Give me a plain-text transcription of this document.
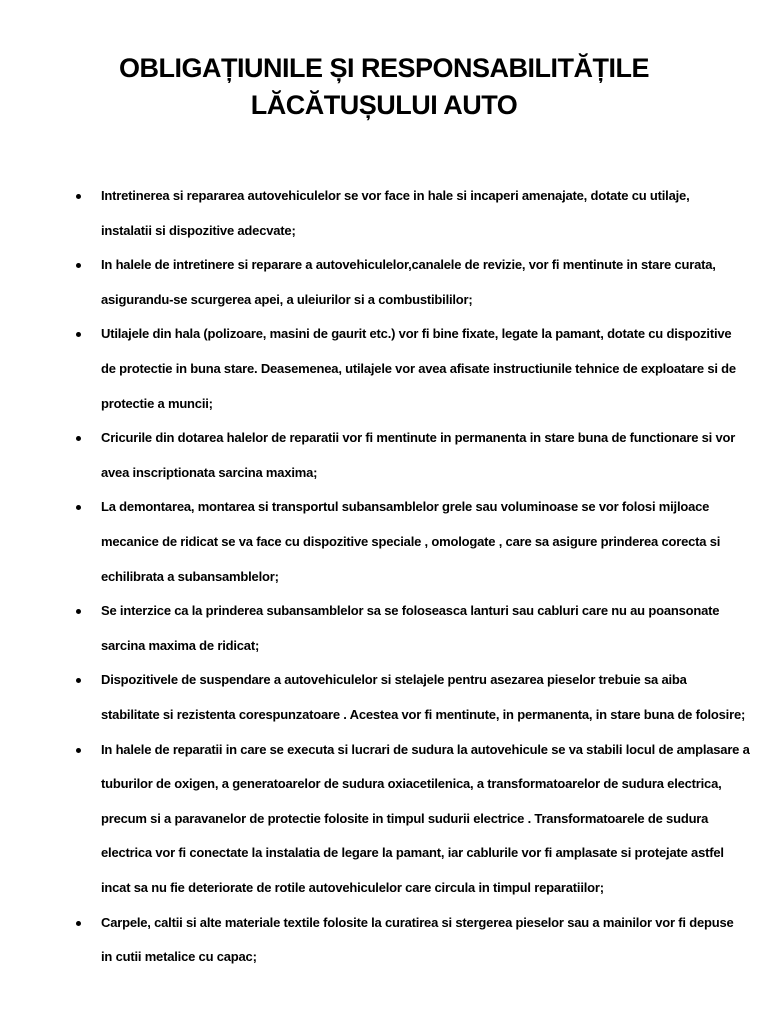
OBLIGAȚIUNILE ȘI RESPONSABILITĂȚILE
LĂCĂTUȘULUI AUTO
Intretinerea si repararea autovehiculelor se vor face in hale si incaperi amenajate, dotate cu utilaje,
instalatii si dispozitive adecvate;
In halele de intretinere si reparare a autovehiculelor,canalele de revizie, vor fi mentinute in stare curata,
asigurandu-se scurgerea apei, a uleiurilor si a combustibililor;
Utilajele din hala (polizoare, masini de gaurit etc.) vor fi bine fixate, legate la pamant, dotate cu dispozitive
de protectie in buna stare. Deasemenea, utilajele vor avea afisate instructiunile tehnice de exploatare si de
protectie a muncii;
Cricurile din dotarea halelor de reparatii vor fi mentinute in permanenta in stare buna de functionare si vor
avea inscriptionata sarcina maxima;
La demontarea, montarea si transportul subansamblelor grele sau voluminoase se vor folosi mijloace
mecanice de ridicat se va face cu dispozitive speciale , omologate , care sa asigure prinderea corecta si
echilibrata a subansamblelor;
Se interzice ca la prinderea subansamblelor sa se foloseasca lanturi sau cabluri care nu au poansonate
sarcina maxima de ridicat;
Dispozitivele de suspendare a autovehiculelor si stelajele pentru asezarea pieselor trebuie sa aiba
stabilitate si rezistenta corespunzatoare . Acestea vor fi mentinute, in permanenta, in stare buna de folosire;
In halele de reparatii in care se executa si lucrari de sudura la autovehicule se va stabili locul de amplasare a
tuburilor de oxigen, a generatoarelor de sudura oxiacetilenica, a transformatoarelor de sudura electrica,
precum si a paravanelor de protectie folosite in timpul sudurii electrice . Transformatoarele de sudura
electrica vor fi conectate la instalatia de legare la pamant, iar cablurile vor fi amplasate si protejate astfel
incat sa nu fie deteriorate de rotile autovehiculelor care circula in timpul reparatiilor;
Carpele, caltii si alte materiale textile folosite la curatirea si stergerea pieselor sau a mainilor vor fi depuse
in cutii metalice cu capac;
